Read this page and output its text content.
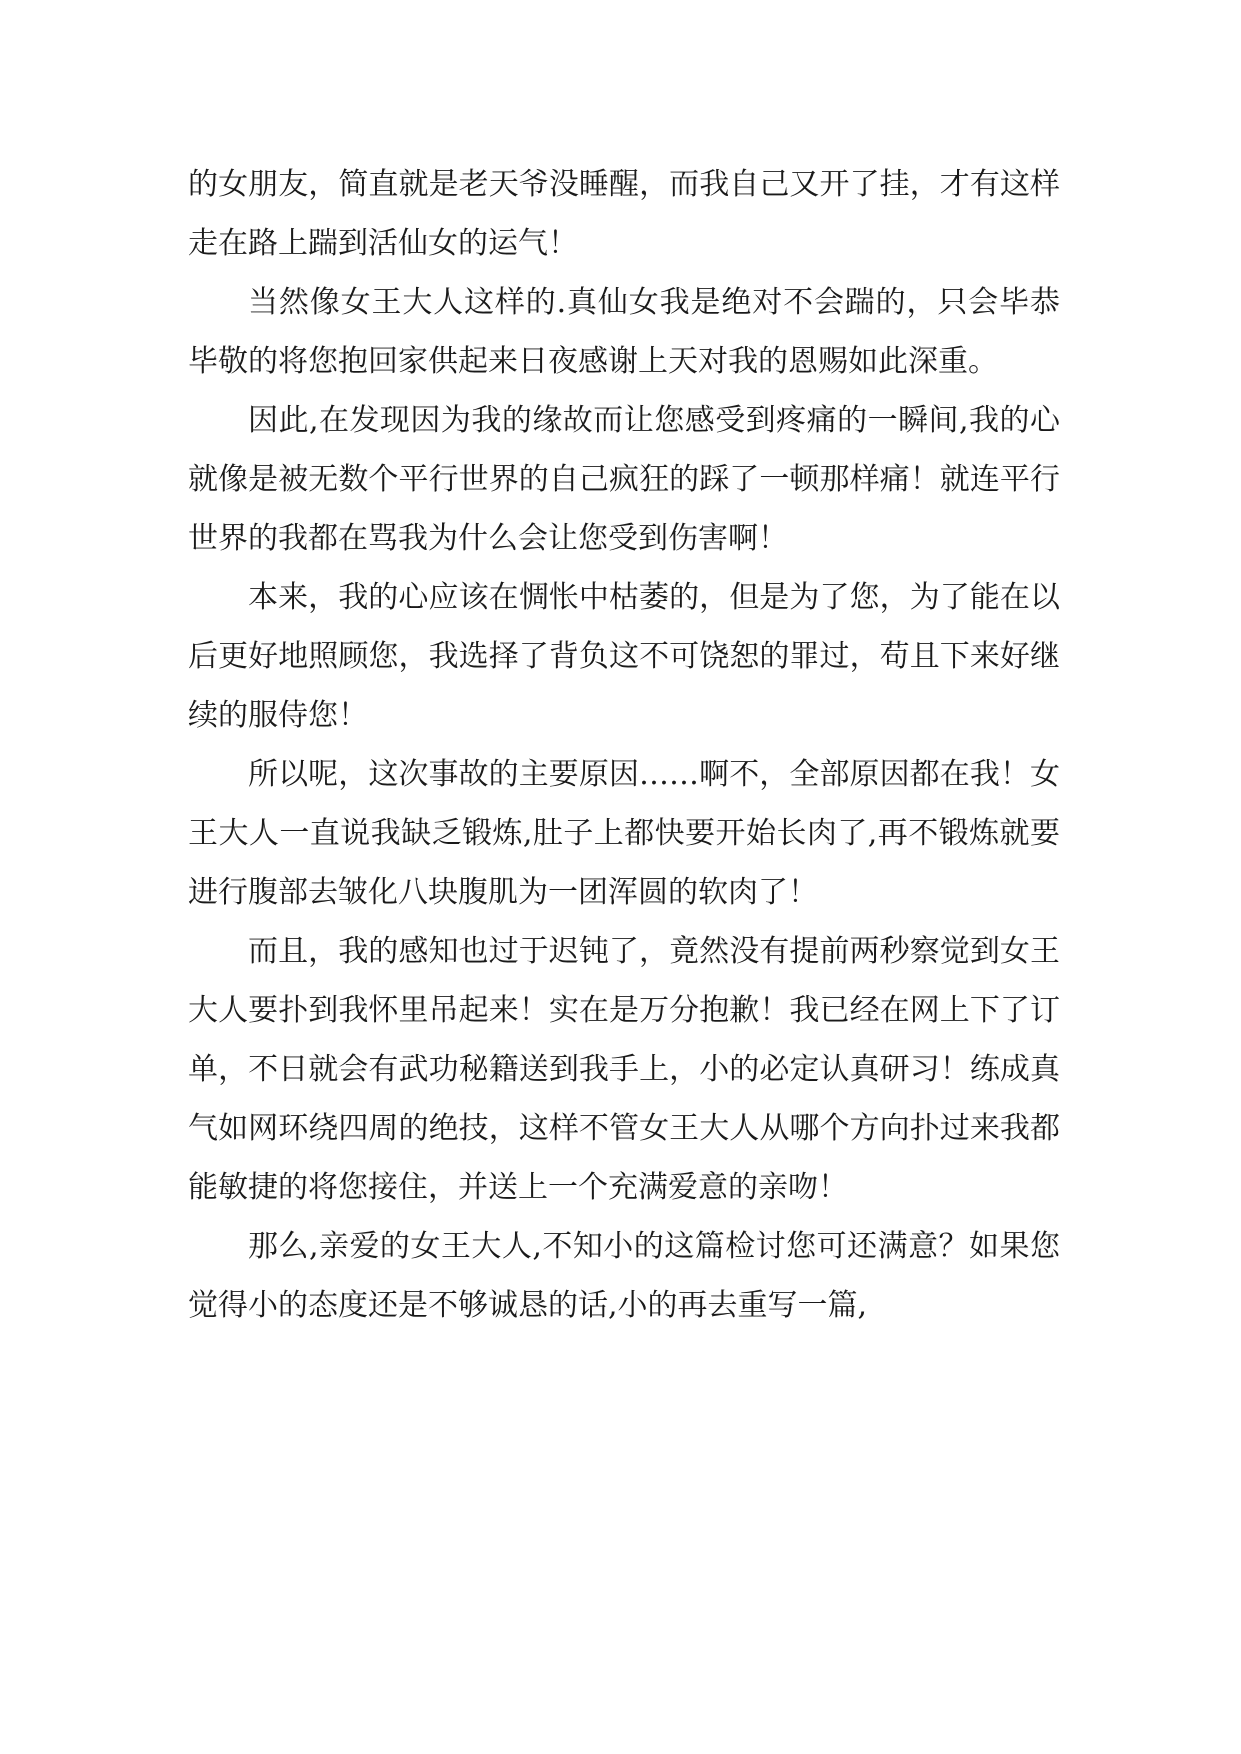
的女朋友，简直就是老天爷没睡醒，而我自己又开了挂，才有这样走在路上踹到活仙女的运气！

当然像女王大人这样的.真仙女我是绝对不会踹的，只会毕恭毕敬的将您抱回家供起来日夜感谢上天对我的恩赐如此深重。

因此,在发现因为我的缘故而让您感受到疼痛的一瞬间,我的心就像是被无数个平行世界的自己疯狂的踩了一顿那样痛！就连平行世界的我都在骂我为什么会让您受到伤害啊！

本来，我的心应该在惆怅中枯萎的，但是为了您，为了能在以后更好地照顾您，我选择了背负这不可饶恕的罪过，苟且下来好继续的服侍您！

所以呢，这次事故的主要原因……啊不，全部原因都在我！女王大人一直说我缺乏锻炼,肚子上都快要开始长肉了,再不锻炼就要进行腹部去皱化八块腹肌为一团浑圆的软肉了！

而且，我的感知也过于迟钝了，竟然没有提前两秒察觉到女王大人要扑到我怀里吊起来！实在是万分抱歉！我已经在网上下了订单，不日就会有武功秘籍送到我手上，小的必定认真研习！练成真气如网环绕四周的绝技，这样不管女王大人从哪个方向扑过来我都能敏捷的将您接住，并送上一个充满爱意的亲吻！

那么,亲爱的女王大人,不知小的这篇检讨您可还满意？如果您觉得小的态度还是不够诚恳的话,小的再去重写一篇,
